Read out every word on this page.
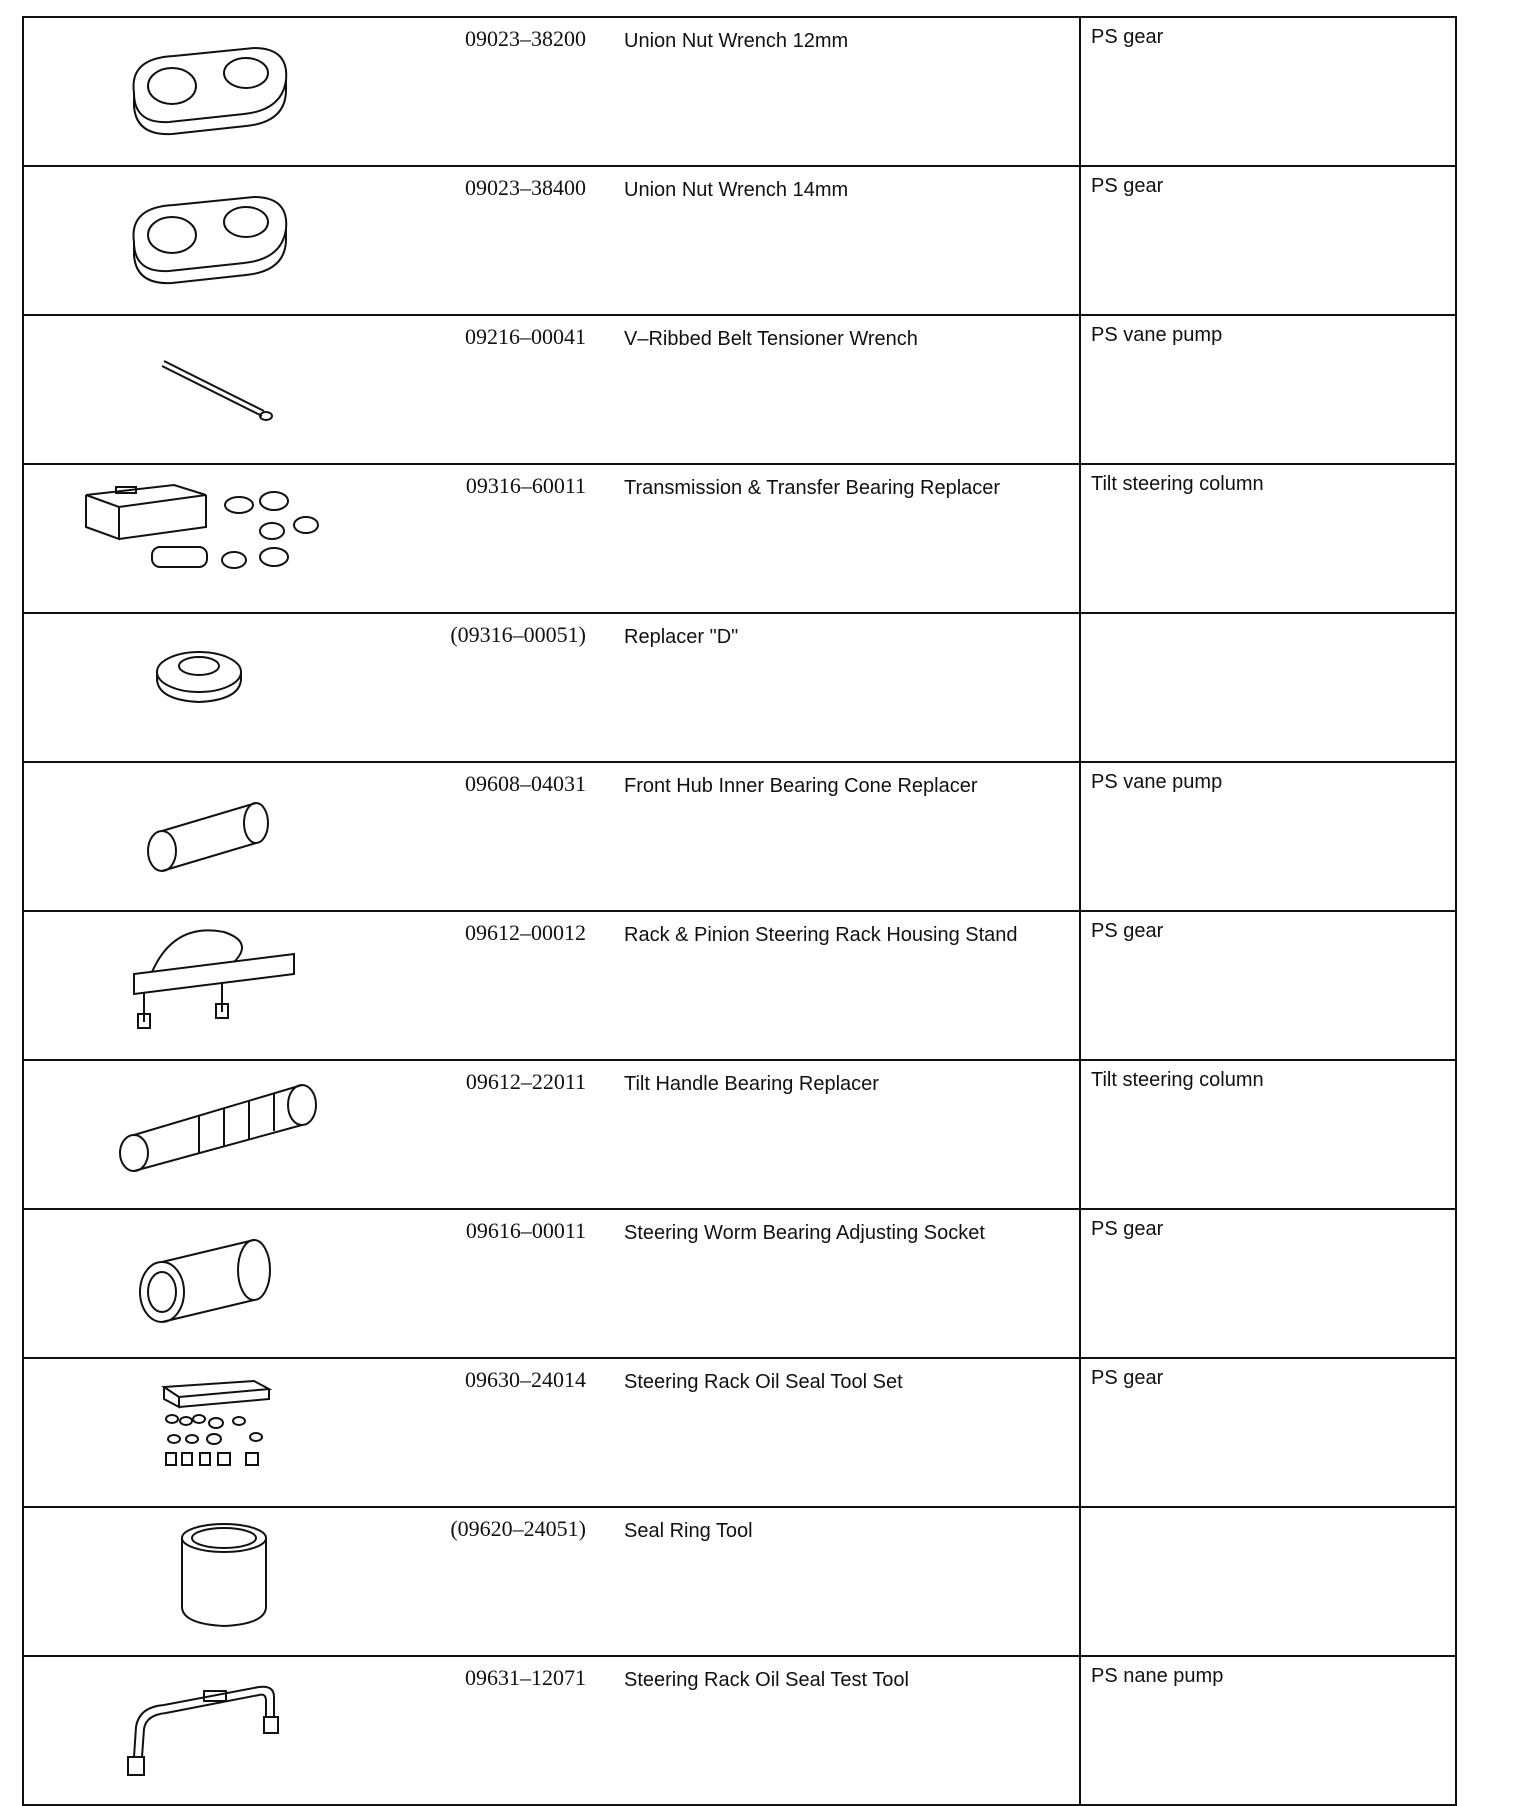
	09023–38200	Union Nut Wrench 12mm	PS gear

	09023–38400	Union Nut Wrench 14mm	PS gear

	09216–00041	V–Ribbed Belt Tensioner Wrench	PS vane pump

	09316–60011	Transmission & Transfer Bearing Replacer	Tilt steering column

	(09316–00051)	Replacer "D"	

	09608–04031	Front Hub Inner Bearing Cone Replacer	PS vane pump

	09612–00012	Rack & Pinion Steering Rack Housing Stand	PS gear

	09612–22011	Tilt Handle Bearing Replacer	Tilt steering column

	09616–00011	Steering Worm Bearing Adjusting Socket	PS gear

	09630–24014	Steering Rack Oil Seal Tool Set	PS gear

	(09620–24051)	Seal Ring Tool	

	09631–12071	Steering Rack Oil Seal Test Tool	PS nane pump
